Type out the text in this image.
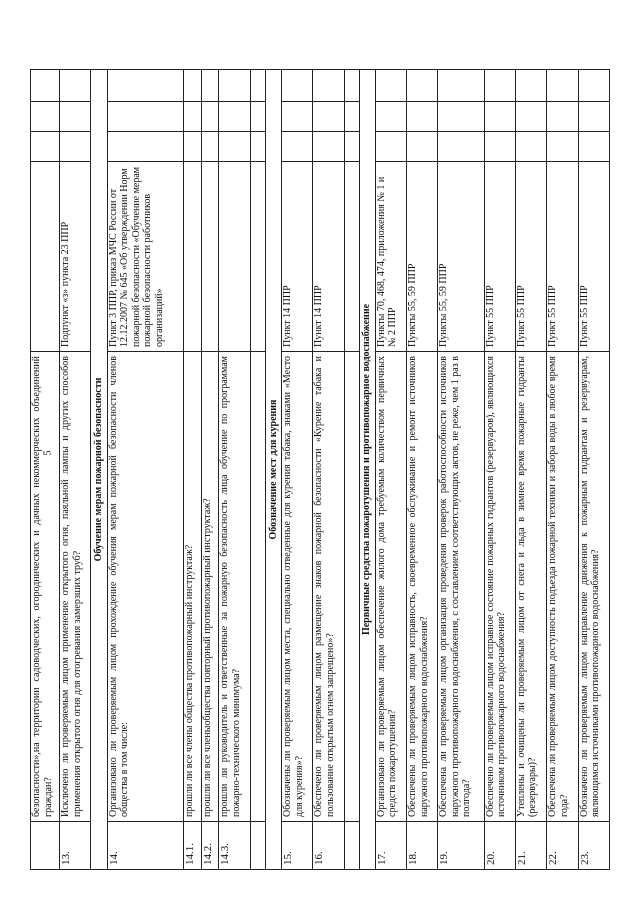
5
	безопасности»,на территории садоводческих, огороднических и дачных некоммерческих объединений граждан?				
13.	Исключено ли проверяемым лицом применение открытого огня, паяльной лампы и других способов применения открытого огня для отогревания замерзших труб?	Подпункт «з» пункта 23 ППР			
Обучение мерам пожарной безопасности					
14.	Организовано ли проверяемым лицом прохождение обучения мерам пожарной безопасности членов общества в том числе:	Пункт 3 ППР, приказ МЧС России от 12.12.2007 № 645 «Об утверждении Норм пожарной безопасности «Обучение мерам пожарной безопасности работников организаций»			
14.1.	прошли ли все члены общества противопожарный инструктаж?				
14.2.	прошли ли все членыобщества повторный противопожарный инструктаж?				
14.3.	прошли ли руководитель и ответственные за пожарную безопасность лица обучение по программам пожарно-технического минимума?				

Обозначение мест для курения					
15.	Обозначены ли проверяемым лицом места, специально отведенные для курения табака, знаками «Место для курения»?	Пункт 14 ППР			
16.	Обеспечено ли проверяемым лицом размещение знаков пожарной безопасности «Курение табака и пользование открытым огнем запрещено»?	Пункт 14 ППР			

Первичные средства пожаротушения и противопожарное водоснабжение					
17.	Организовано ли проверяемым лицом обеспечение жилого дома требуемым количеством первичных средств пожаротушения?	Пункты 70, 468, 474, приложения № 1 и № 2 ППР			
18.	Обеспечены ли проверяемым лицом исправность, своевременное обслуживание и ремонт источников наружного противопожарного водоснабжения?	Пункты 55, 59 ППР			
19.	Обеспечена ли проверяемым лицом организация проведения проверок работоспособности источников наружного противопожарного водоснабжения, с составлением соответствующих актов, не реже, чем 1 раз в полгода?	Пункты 55, 59 ППР			
20.	Обеспечено ли проверяемым лицом исправное состояние пожарных гидрантов (резервуаров), являющихся источником противопожарного водоснабжения?	Пункт 55 ППР			
21.	Утеплены и очищены ли проверяемым лицом от снега и льда в зимнее время пожарные гидранты (резервуары)?	Пункт 55 ППР			
22.	Обеспечена ли проверяемым лицом доступность подъезда пожарной техники и забора воды в любое время года?	Пункт 55 ППР			
23.	Обозначено ли проверяемым лицом направление движения к пожарным гидрантам и резервуарам, являющимся источниками противопожарного водоснабжения?	Пункт 55 ППР			
